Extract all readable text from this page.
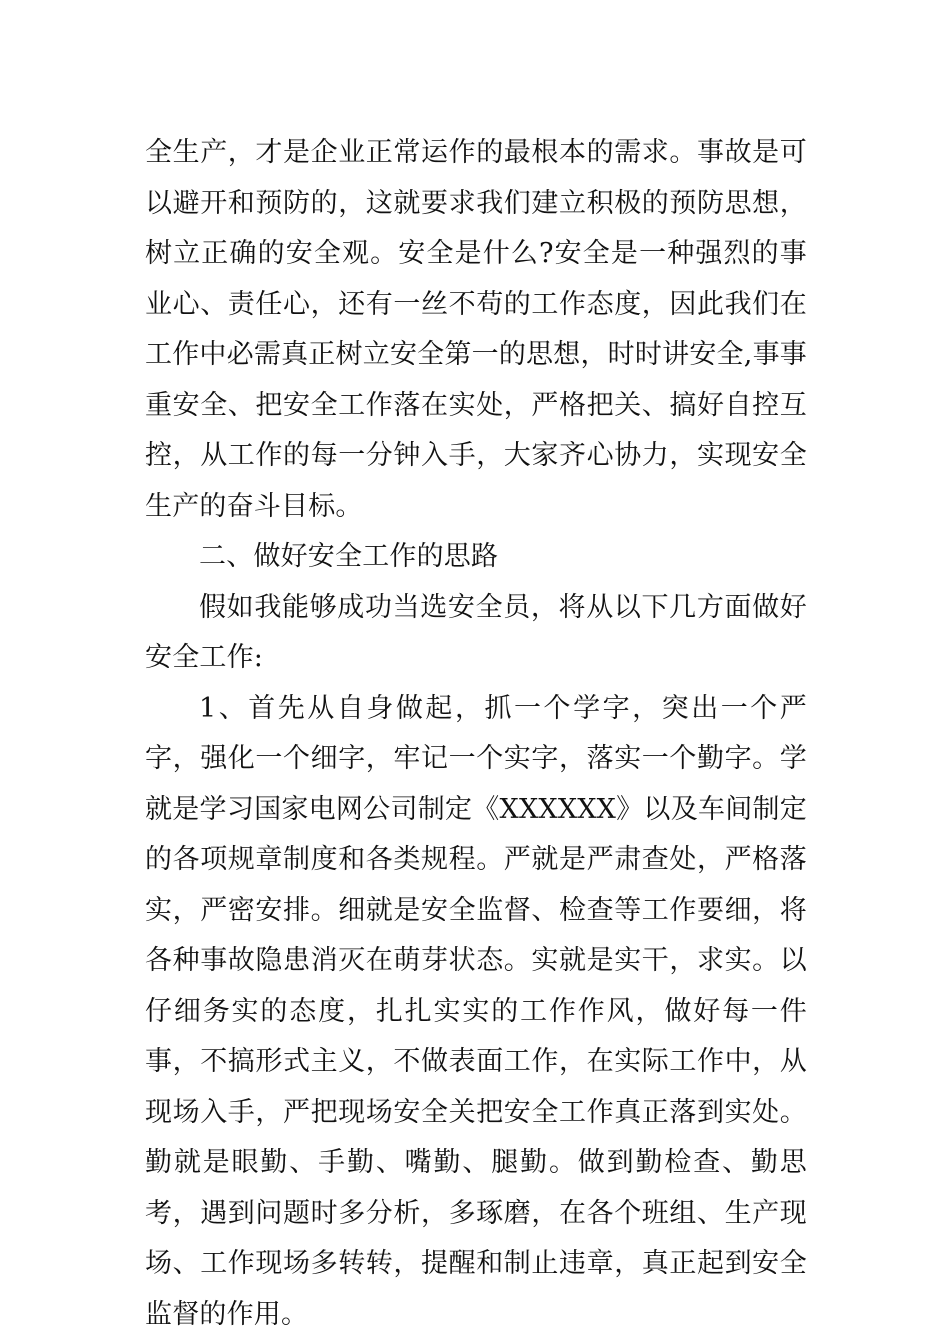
全生产，才是企业正常运作的最根本的需求。事故是可以避开和预防的，这就要求我们建立积极的预防思想，树立正确的安全观。安全是什么?安全是一种强烈的事业心、责任心，还有一丝不苟的工作态度，因此我们在工作中必需真正树立安全第一的思想，时时讲安全,事事重安全、把安全工作落在实处，严格把关、搞好自控互控，从工作的每一分钟入手，大家齐心协力，实现安全生产的奋斗目标。

二、做好安全工作的思路

假如我能够成功当选安全员，将从以下几方面做好安全工作:

1、首先从自身做起，抓一个学字，突出一个严字，强化一个细字，牢记一个实字，落实一个勤字。学就是学习国家电网公司制定《XXXXXX》以及车间制定的各项规章制度和各类规程。严就是严肃查处，严格落实，严密安排。细就是安全监督、检查等工作要细，将各种事故隐患消灭在萌芽状态。实就是实干，求实。以仔细务实的态度，扎扎实实的工作作风，做好每一件事，不搞形式主义，不做表面工作，在实际工作中，从现场入手，严把现场安全关把安全工作真正落到实处。勤就是眼勤、手勤、嘴勤、腿勤。做到勤检查、勤思考，遇到问题时多分析，多琢磨，在各个班组、生产现场、工作现场多转转，提醒和制止违章，真正起到安全监督的作用。
